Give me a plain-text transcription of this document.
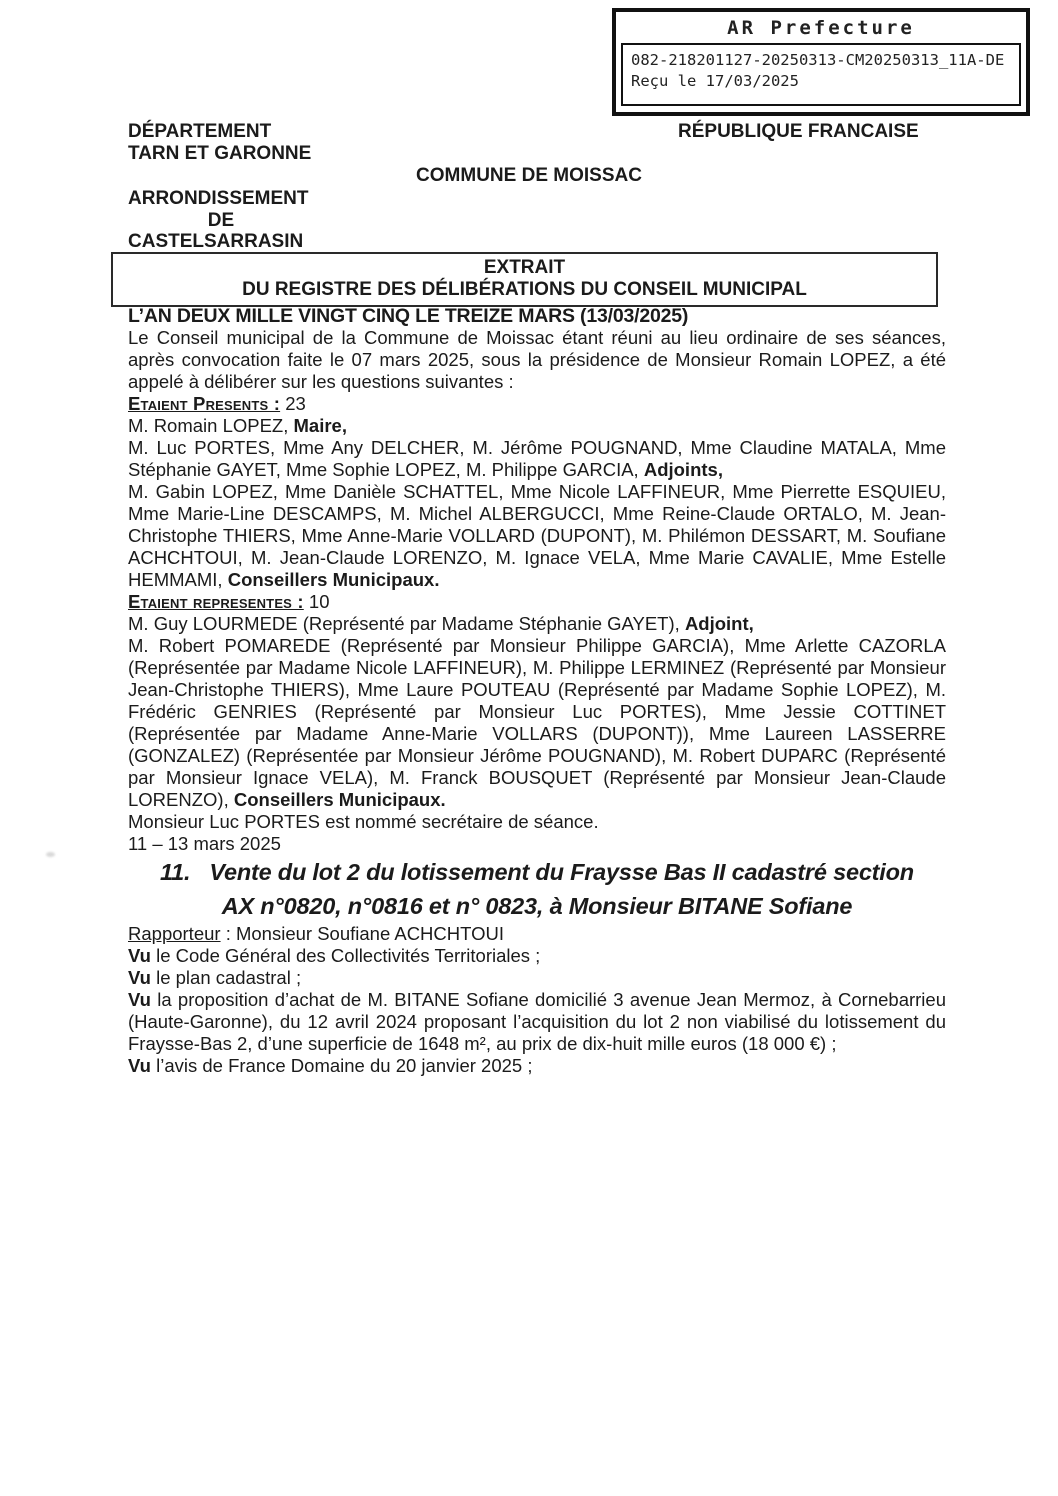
AR Prefecture
082-218201127-20250313-CM20250313_11A-DE
Reçu le 17/03/2025
DÉPARTEMENT
TARN ET GARONNE
RÉPUBLIQUE FRANCAISE
COMMUNE DE MOISSAC
ARRONDISSEMENT
DE
CASTELSARRASIN
EXTRAIT
DU REGISTRE DES DÉLIBÉRATIONS DU CONSEIL MUNICIPAL

L’AN DEUX MILLE VINGT CINQ LE TREIZE MARS (13/03/2025)

Le Conseil municipal de la Commune de Moissac étant réuni au lieu ordinaire de ses séances, après convocation faite le 07 mars 2025, sous la présidence de Monsieur Romain LOPEZ, a été appelé à délibérer sur les questions suivantes :

Etaient Presents : 23

M. Romain LOPEZ, Maire,

M. Luc PORTES, Mme Any DELCHER, M. Jérôme POUGNAND, Mme Claudine MATALA, Mme Stéphanie GAYET, Mme Sophie LOPEZ, M. Philippe GARCIA, Adjoints,

M. Gabin LOPEZ, Mme Danièle SCHATTEL, Mme Nicole LAFFINEUR, Mme Pierrette ESQUIEU, Mme Marie-Line DESCAMPS, M. Michel ALBERGUCCI, Mme Reine-Claude ORTALO, M. Jean-Christophe THIERS, Mme Anne-Marie VOLLARD (DUPONT), M. Philémon DESSART, M. Soufiane ACHCHTOUI, M. Jean-Claude LORENZO, M. Ignace VELA, Mme Marie CAVALIE, Mme Estelle HEMMAMI, Conseillers Municipaux.

Etaient representes : 10

M. Guy LOURMEDE (Représenté par Madame Stéphanie GAYET), Adjoint,

M. Robert POMAREDE (Représenté par Monsieur Philippe GARCIA), Mme Arlette CAZORLA (Représentée par Madame Nicole LAFFINEUR), M. Philippe LERMINEZ (Représenté par Monsieur Jean-Christophe THIERS), Mme Laure POUTEAU (Représenté par Madame Sophie LOPEZ), M. Frédéric GENRIES (Représenté par Monsieur Luc PORTES), Mme Jessie COTTINET (Représentée par Madame Anne-Marie VOLLARS (DUPONT)), Mme Laureen LASSERRE (GONZALEZ) (Représentée par Monsieur Jérôme POUGNAND), M. Robert DUPARC (Représenté par Monsieur Ignace VELA), M. Franck BOUSQUET (Représenté par Monsieur Jean-Claude LORENZO), Conseillers Municipaux.

Monsieur Luc PORTES est nommé secrétaire de séance.

11 – 13 mars 2025

11.   Vente du lot 2 du lotissement du Fraysse Bas II cadastré section
AX n°0820, n°0816 et n° 0823, à Monsieur BITANE Sofiane

Rapporteur : Monsieur Soufiane ACHCHTOUI

Vu le Code Général des Collectivités Territoriales ;

Vu le plan cadastral ;

Vu la proposition d’achat de M. BITANE Sofiane domicilié 3 avenue Jean Mermoz, à Cornebarrieu (Haute-Garonne), du 12 avril 2024 proposant l’acquisition du lot 2 non viabilisé du lotissement du Fraysse-Bas 2, d’une superficie de 1648 m², au prix de dix-huit mille euros (18 000 €) ;

Vu l’avis de France Domaine du 20 janvier 2025 ;
